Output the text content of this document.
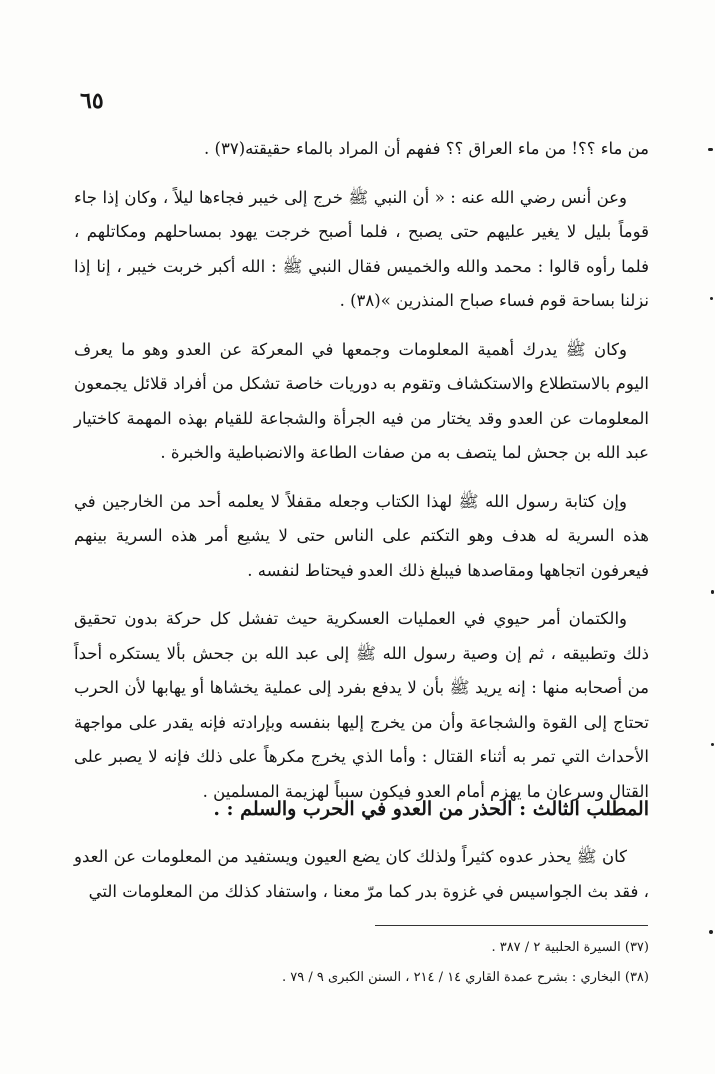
٦٥

من ماء ؟؟! من ماء العراق ؟؟ ففهم أن المراد بالماء حقيقته(٣٧) .

وعن أنس رضي الله عنه : « أن النبي ﷺ خرج إلى خيبر فجاءها ليلاً ، وكان إذا جاء قوماً بليل لا يغير عليهم حتى يصبح ، فلما أصبح خرجت يهود بمساحلهم ومكاتلهم ، فلما رأوه قالوا : محمد والله والخميس فقال النبي ﷺ : الله أكبر خربت خيبر ، إنا إذا نزلنا بساحة قوم فساء صباح المنذرين »(٣٨) .

وكان ﷺ يدرك أهمية المعلومات وجمعها في المعركة عن العدو وهو ما يعرف اليوم بالاستطلاع والاستكشاف وتقوم به دوريات خاصة تشكل من أفراد قلائل يجمعون المعلومات عن العدو وقد يختار من فيه الجرأة والشجاعة للقيام بهذه المهمة كاختيار عبد الله بن جحش لما يتصف به من صفات الطاعة والانضباطية والخبرة .

وإن كتابة رسول الله ﷺ لهذا الكتاب وجعله مقفلاً لا يعلمه أحد من الخارجين في هذه السرية له هدف وهو التكتم على الناس حتى لا يشيع أمر هذه السرية بينهم فيعرفون اتجاهها ومقاصدها فيبلغ ذلك العدو فيحتاط لنفسه .

والكتمان أمر حيوي في العمليات العسكرية حيث تفشل كل حركة بدون تحقيق ذلك وتطبيقه ، ثم إن وصية رسول الله ﷺ إلى عبد الله بن جحش بألا يستكره أحداً من أصحابه منها : إنه يريد ﷺ بأن لا يدفع بفرد إلى عملية يخشاها أو يهابها لأن الحرب تحتاج إلى القوة والشجاعة وأن من يخرج إليها بنفسه وبإرادته فإنه يقدر على مواجهة الأحداث التي تمر به أثناء القتال : وأما الذي يخرج مكرهاً على ذلك فإنه لا يصبر على القتال وسرعان ما يهزم أمام العدو فيكون سبباً لهزيمة المسلمين .

المطلب الثالث : الحذر من العدو في الحرب والسلم : .

كان ﷺ يحذر عدوه كثيراً ولذلك كان يضع العيون ويستفيد من المعلومات عن العدو ، فقد بث الجواسيس في غزوة بدر كما مرّ معنا ، واستفاد كذلك من المعلومات التي

(٣٧) السيرة الحلبية ٢ / ٣٨٧ .
(٣٨) البخاري : بشرح عمدة القاري ١٤ / ٢١٤ ، السنن الكبرى ٩ / ٧٩ .
